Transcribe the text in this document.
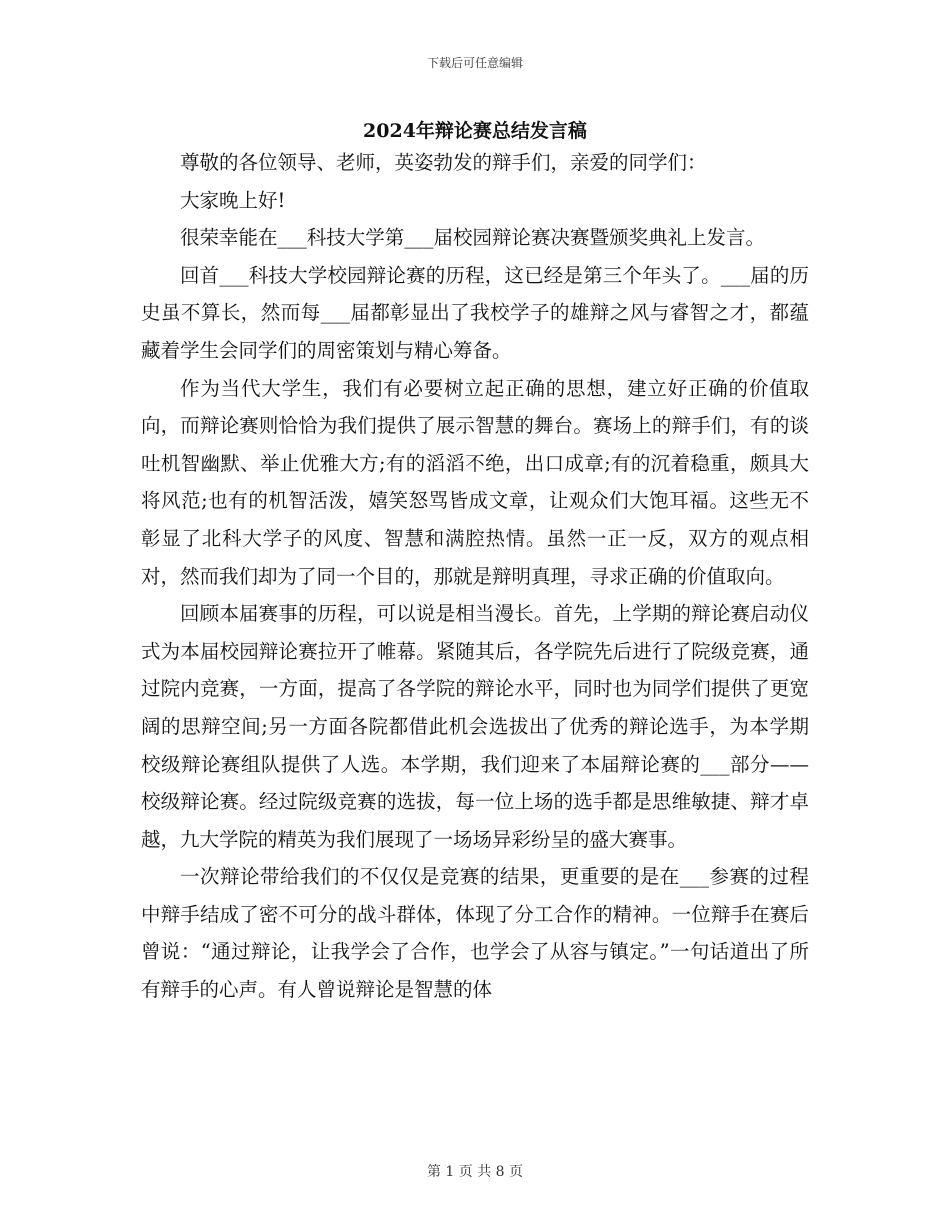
下载后可任意编辑
2024年辩论赛总结发言稿

尊敬的各位领导、老师，英姿勃发的辩手们，亲爱的同学们：

大家晚上好!

很荣幸能在___科技大学第___届校园辩论赛决赛暨颁奖典礼上发言。

回首___科技大学校园辩论赛的历程，这已经是第三个年头了。___届的历史虽不算长，然而每___届都彰显出了我校学子的雄辩之风与睿智之才，都蕴藏着学生会同学们的周密策划与精心筹备。

作为当代大学生，我们有必要树立起正确的思想，建立好正确的价值取向，而辩论赛则恰恰为我们提供了展示智慧的舞台。赛场上的辩手们，有的谈吐机智幽默、举止优雅大方;有的滔滔不绝，出口成章;有的沉着稳重，颇具大将风范;也有的机智活泼，嬉笑怒骂皆成文章，让观众们大饱耳福。这些无不彰显了北科大学子的风度、智慧和满腔热情。虽然一正一反，双方的观点相对，然而我们却为了同一个目的，那就是辩明真理，寻求正确的价值取向。

回顾本届赛事的历程，可以说是相当漫长。首先，上学期的辩论赛启动仪式为本届校园辩论赛拉开了帷幕。紧随其后，各学院先后进行了院级竞赛，通过院内竞赛，一方面，提高了各学院的辩论水平，同时也为同学们提供了更宽阔的思辩空间;另一方面各院都借此机会选拔出了优秀的辩论选手，为本学期校级辩论赛组队提供了人选。本学期，我们迎来了本届辩论赛的___部分——校级辩论赛。经过院级竞赛的选拔，每一位上场的选手都是思维敏捷、辩才卓越，九大学院的精英为我们展现了一场场异彩纷呈的盛大赛事。

一次辩论带给我们的不仅仅是竞赛的结果，更重要的是在___参赛的过程中辩手结成了密不可分的战斗群体，体现了分工合作的精神。一位辩手在赛后曾说：“通过辩论，让我学会了合作，也学会了从容与镇定。”一句话道出了所有辩手的心声。有人曾说辩论是智慧的体

第 1 页 共 8 页
